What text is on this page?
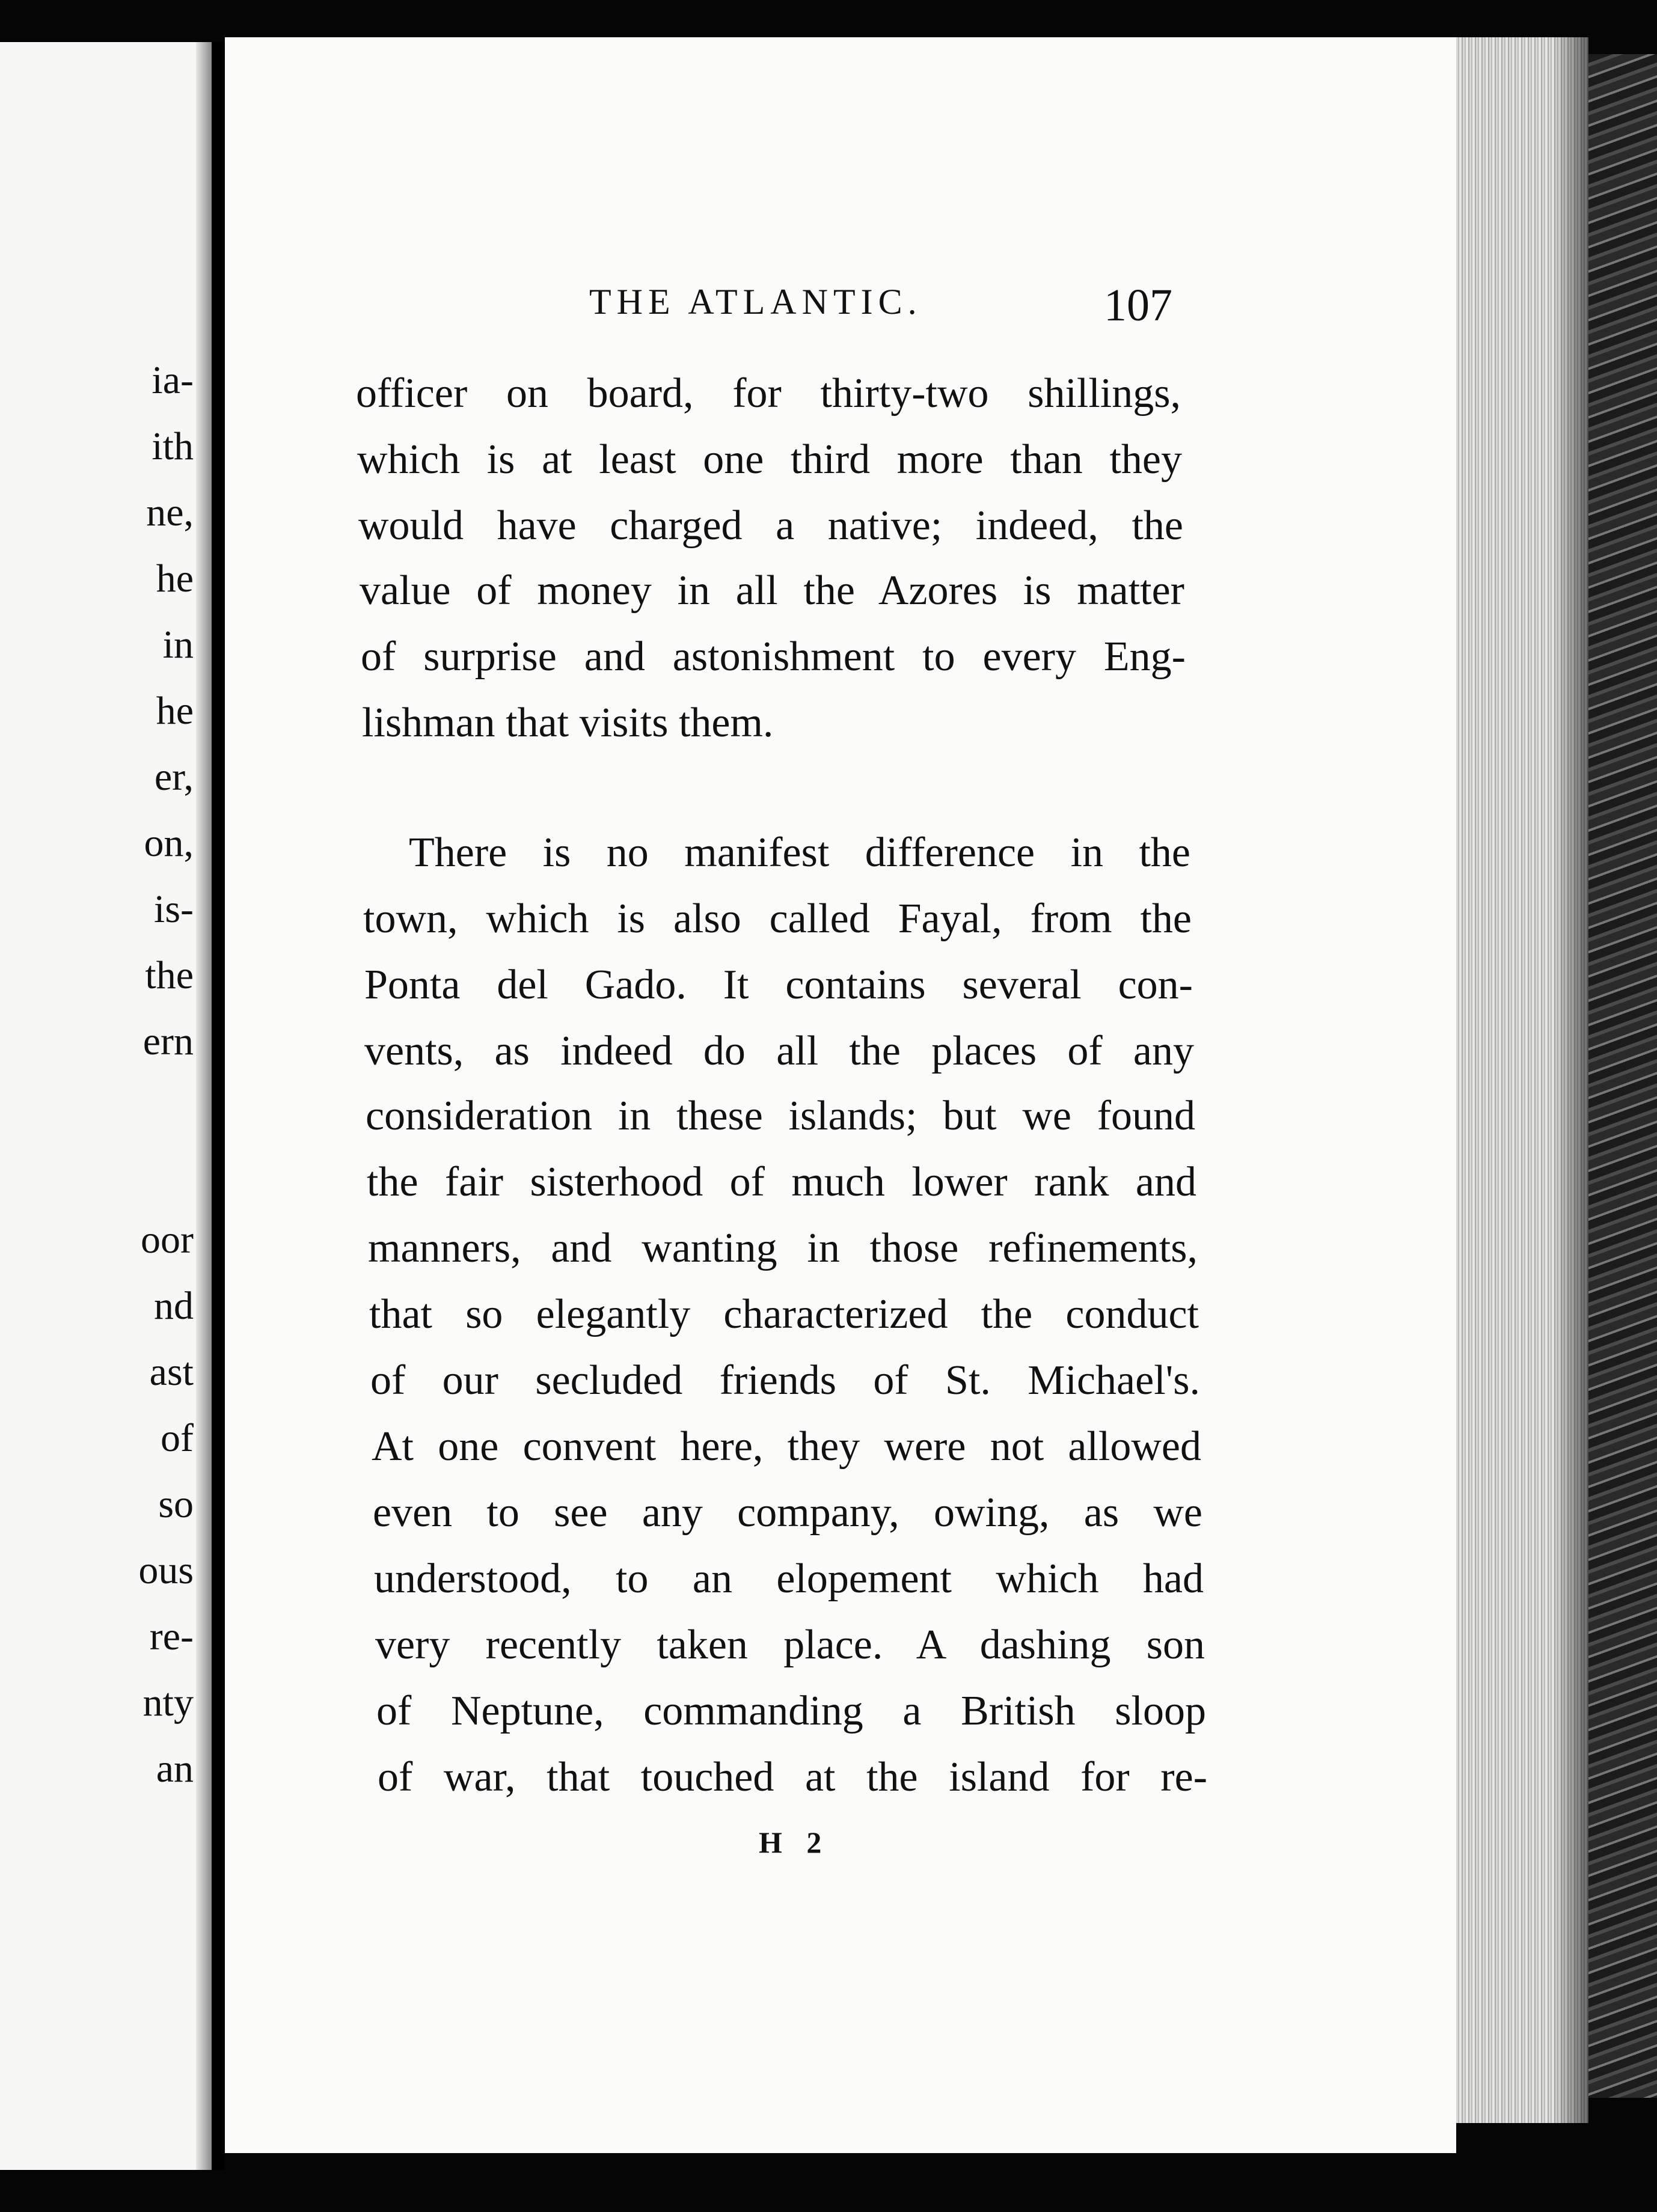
ia-
ith
ne,
he
in
he
er,
on,
is-
the
ern
oor
nd
ast
of
so
ous
re-
nty
an
THE ATLANTIC.	107
officer on board, for thirty-two shillings,
which is at least one third more than they
would have charged a native; indeed, the
value of money in all the Azores is matter
of surprise and astonishment to every Eng-
lishman that visits them.
There is no manifest difference in the
town, which is also called Fayal, from the
Ponta del Gado. It contains several con-
vents, as indeed do all the places of any
consideration in these islands; but we found
the fair sisterhood of much lower rank and
manners, and wanting in those refinements,
that so elegantly characterized the conduct
of our secluded friends of St. Michael's.
At one convent here, they were not allowed
even to see any company, owing, as we
understood, to an elopement which had
very recently taken place. A dashing son
of Neptune, commanding a British sloop
of war, that touched at the island for re-
H 2
